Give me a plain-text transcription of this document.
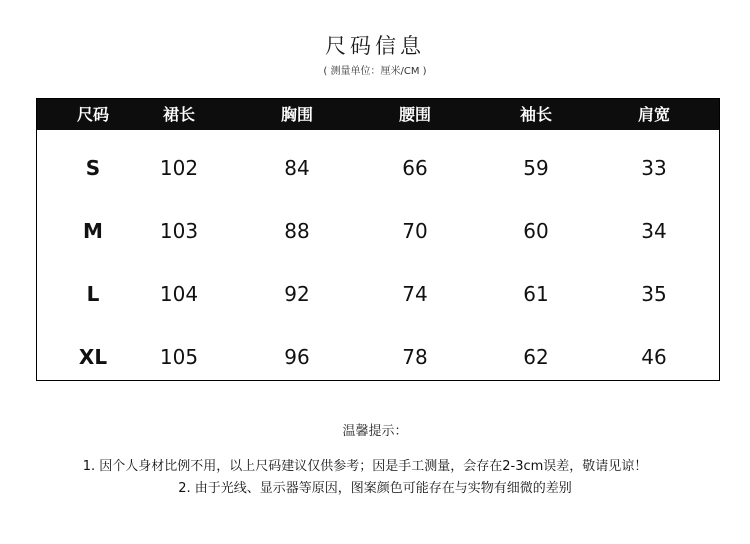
尺码信息
( 测量单位：厘米/CM )
尺码	裙长	胸围	腰围	袖长	肩宽
S	102	84	66	59	33
M	103	88	70	60	34
L	104	92	74	61	35
XL	105	96	78	62	46
温馨提示：
1. 因个人身材比例不用，以上尺码建议仅供参考；因是手工测量，会存在2-3cm误差，敬请见谅！
2. 由于光线、显示器等原因，图案颜色可能存在与实物有细微的差别
